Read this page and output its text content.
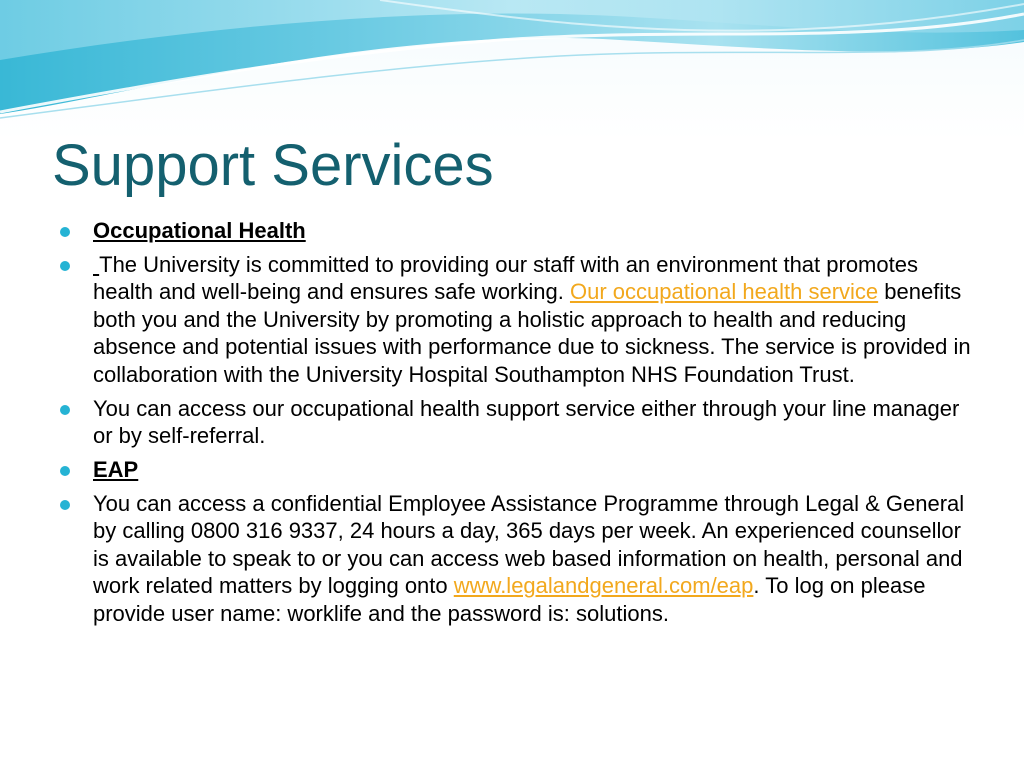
Support Services
Occupational Health
The University is committed to providing our staff with an environment that promotes health and well-being and ensures safe working. Our occupational health service benefits both you and the University by promoting a holistic approach to health and reducing absence and potential issues with performance due to sickness. The service is provided in collaboration with the University Hospital Southampton NHS Foundation Trust.
You can access our occupational health support service either through your line manager or by self-referral.
EAP
You can access a confidential Employee Assistance Programme through Legal & General by calling 0800 316 9337, 24 hours a day, 365 days per week. An experienced counsellor is available to speak to or you can access web based information on health, personal and work related matters by logging onto www.legalandgeneral.com/eap. To log on please provide user name: worklife and the password is: solutions.
